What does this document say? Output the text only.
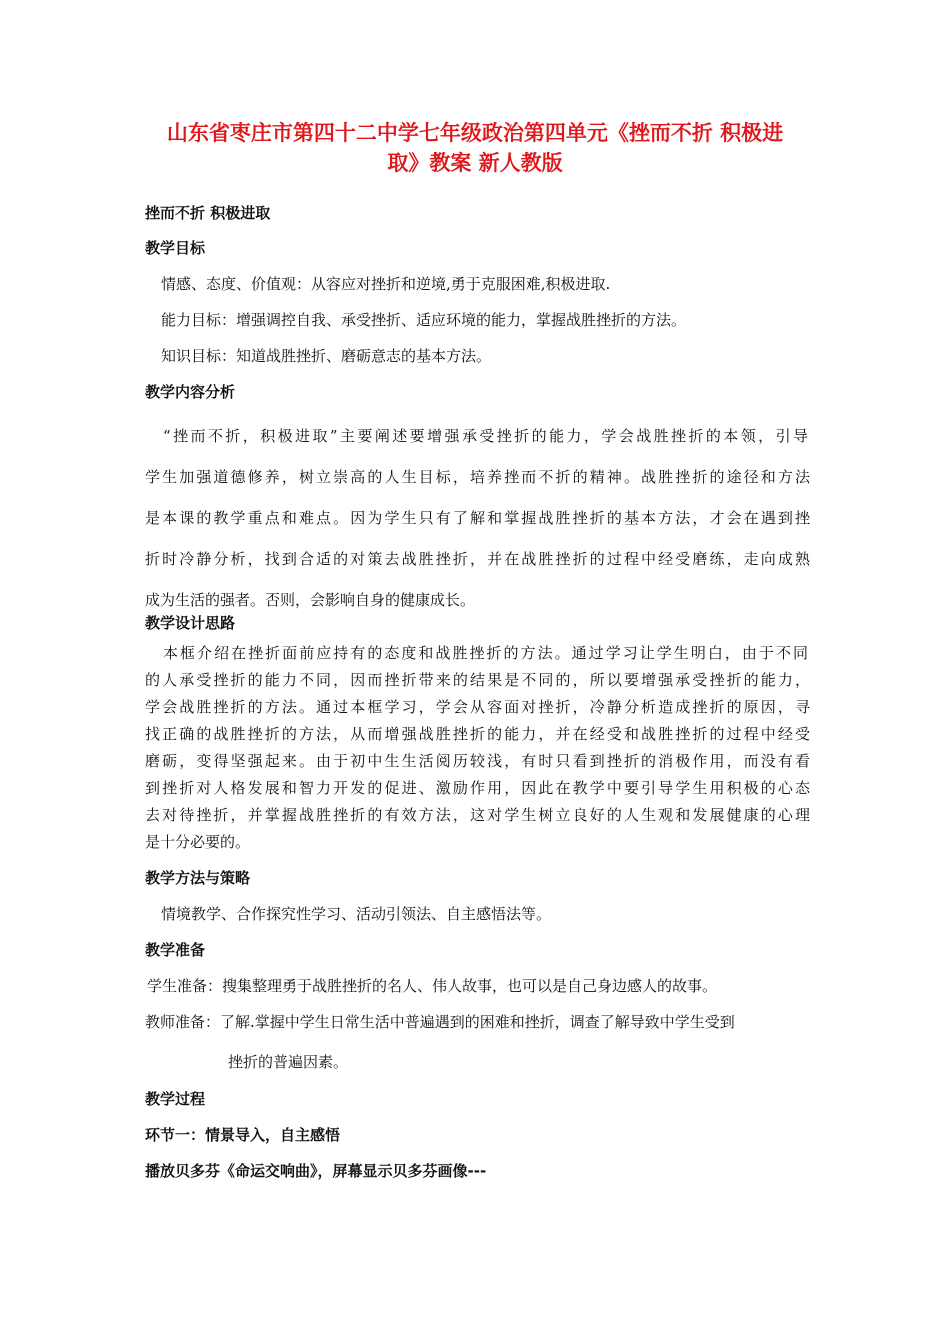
山东省枣庄市第四十二中学七年级政治第四单元《挫而不折 积极进
取》教案 新人教版
挫而不折 积极进取
教学目标
情感、态度、价值观：从容应对挫折和逆境,勇于克服困难,积极进取.
能力目标：增强调控自我、承受挫折、适应环境的能力，掌握战胜挫折的方法。
知识目标：知道战胜挫折、磨砺意志的基本方法。
教学内容分析
“挫而不折，积极进取”主要阐述要增强承受挫折的能力，学会战胜挫折的本领，引导
学生加强道德修养，树立崇高的人生目标，培养挫而不折的精神。战胜挫折的途径和方法
是本课的教学重点和难点。因为学生只有了解和掌握战胜挫折的基本方法，才会在遇到挫
折时冷静分析，找到合适的对策去战胜挫折，并在战胜挫折的过程中经受磨练，走向成熟
成为生活的强者。否则，会影响自身的健康成长。
教学设计思路
本框介绍在挫折面前应持有的态度和战胜挫折的方法。通过学习让学生明白，由于不同
的人承受挫折的能力不同，因而挫折带来的结果是不同的，所以要增强承受挫折的能力，
学会战胜挫折的方法。通过本框学习，学会从容面对挫折，冷静分析造成挫折的原因，寻
找正确的战胜挫折的方法，从而增强战胜挫折的能力，并在经受和战胜挫折的过程中经受
磨砺，变得坚强起来。由于初中生生活阅历较浅，有时只看到挫折的消极作用，而没有看
到挫折对人格发展和智力开发的促进、激励作用，因此在教学中要引导学生用积极的心态
去对待挫折，并掌握战胜挫折的有效方法，这对学生树立良好的人生观和发展健康的心理
是十分必要的。
教学方法与策略
情境教学、合作探究性学习、活动引领法、自主感悟法等。
教学准备
学生准备：搜集整理勇于战胜挫折的名人、伟人故事，也可以是自己身边感人的故事。
教师准备：了解.掌握中学生日常生活中普遍遇到的困难和挫折，调查了解导致中学生受到
挫折的普遍因素。
教学过程
环节一：情景导入，自主感悟
播放贝多芬《命运交响曲》，屏幕显示贝多芬画像---
